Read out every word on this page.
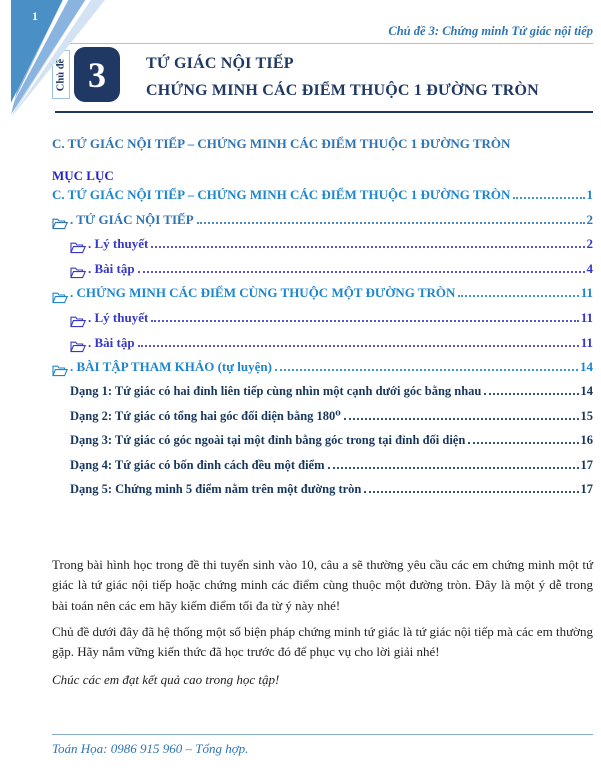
1
Chủ đề 3: Chứng minh Tứ giác nội tiếp
Chủ đề 3	TỨ GIÁC NỘI TIẾP
CHỨNG MINH CÁC ĐIỂM THUỘC 1 ĐƯỜNG TRÒN
C. TỨ GIÁC NỘI TIẾP – CHỨNG MINH CÁC ĐIỂM THUỘC 1 ĐƯỜNG TRÒN
MỤC LỤC
C. TỨ GIÁC NỘI TIẾP – CHỨNG MINH CÁC ĐIỂM THUỘC 1 ĐƯỜNG TRÒN	1
. TỨ GIÁC NỘI TIẾP	2
. Lý thuyết	2
. Bài tập	4
. CHỨNG MINH CÁC ĐIỂM CÙNG THUỘC MỘT ĐƯỜNG TRÒN	11
. Lý thuyết	11
. Bài tập	11
. BÀI TẬP THAM KHẢO (tự luyện)	14
Dạng 1: Tứ giác có hai đỉnh liên tiếp cùng nhìn một cạnh dưới góc bằng nhau	14
Dạng 2: Tứ giác có tổng hai góc đối diện bằng 180⁰	15
Dạng 3: Tứ giác có góc ngoài tại một đỉnh bằng góc trong tại đỉnh đối diện	16
Dạng 4: Tứ giác có bốn đỉnh cách đều một điểm	17
Dạng 5: Chứng minh 5 điểm nằm trên một đường tròn	17

Trong bài hình học trong đề thi tuyển sinh vào 10, câu a sẽ thường yêu cầu các em chứng minh một tứ giác là tứ giác nội tiếp hoặc chứng minh các điểm cùng thuộc một đường tròn. Đây là một ý dễ trong bài toán nên các em hãy kiếm điểm tối đa từ ý này nhé!

Chủ đề dưới đây đã hệ thống một số biện pháp chứng minh tứ giác là tứ giác nội tiếp mà các em thường gặp. Hãy nắm vững kiến thức đã học trước đó để phục vụ cho lời giải nhé!

Chúc các em đạt kết quả cao trong học tập!

Toán Họa: 0986 915 960 – Tổng hợp.
